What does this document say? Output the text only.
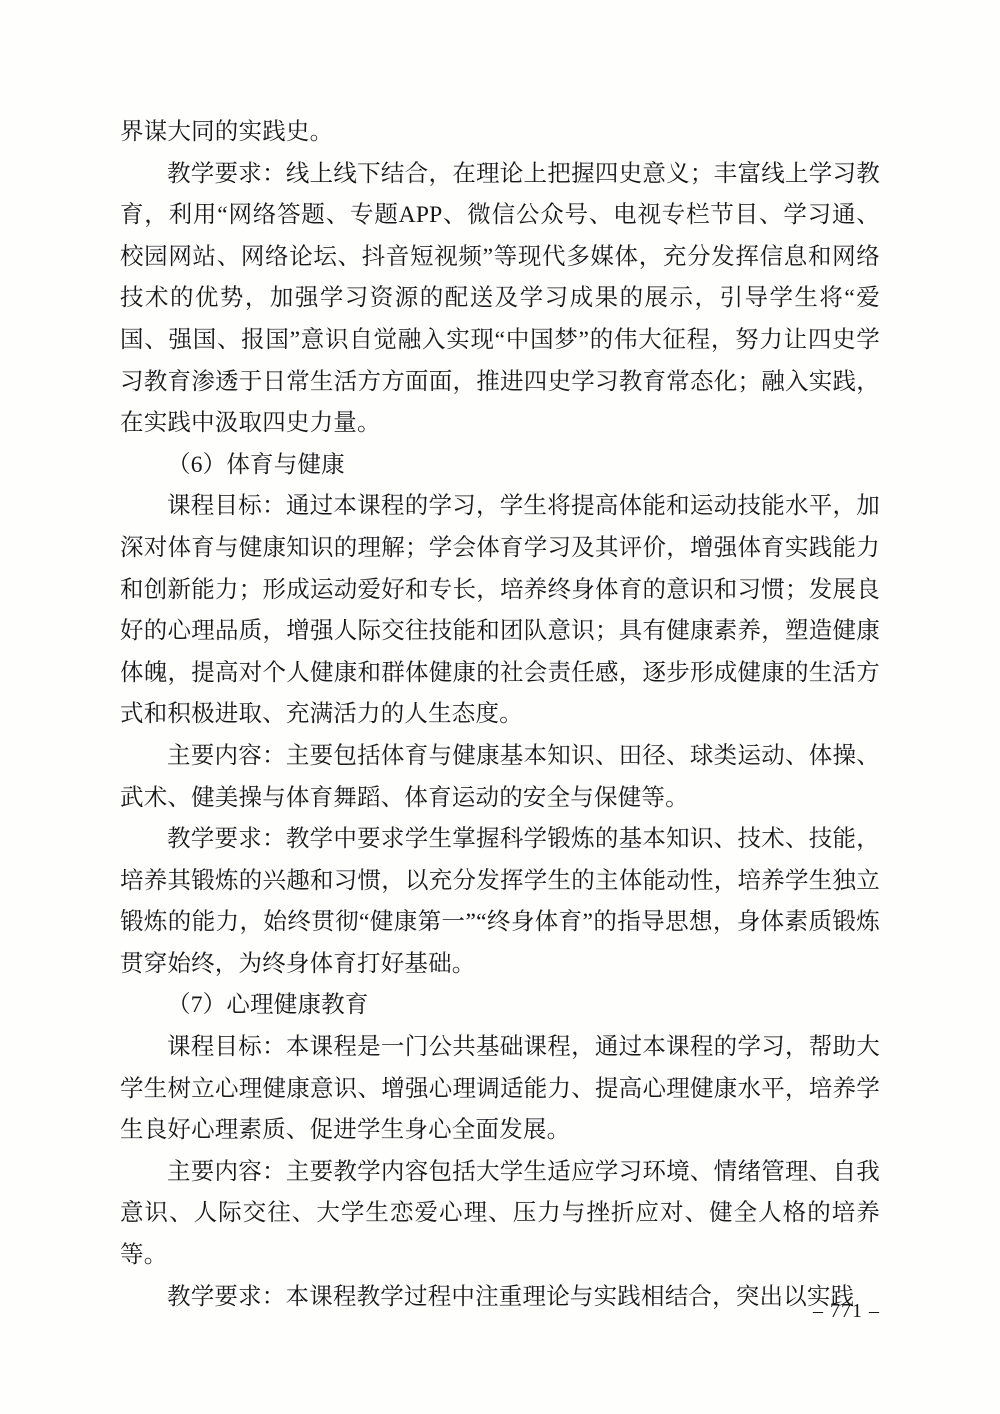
界谋大同的实践史。

教学要求：线上线下结合，在理论上把握四史意义；丰富线上学习教育，利用“网络答题、专题APP、微信公众号、电视专栏节目、学习通、校园网站、网络论坛、抖音短视频”等现代多媒体，充分发挥信息和网络技术的优势，加强学习资源的配送及学习成果的展示，引导学生将“爱国、强国、报国”意识自觉融入实现“中国梦”的伟大征程，努力让四史学习教育渗透于日常生活方方面面，推进四史学习教育常态化；融入实践，在实践中汲取四史力量。

（6）体育与健康

课程目标：通过本课程的学习，学生将提高体能和运动技能水平，加深对体育与健康知识的理解；学会体育学习及其评价，增强体育实践能力和创新能力；形成运动爱好和专长，培养终身体育的意识和习惯；发展良好的心理品质，增强人际交往技能和团队意识；具有健康素养，塑造健康体魄，提高对个人健康和群体健康的社会责任感，逐步形成健康的生活方式和积极进取、充满活力的人生态度。

主要内容：主要包括体育与健康基本知识、田径、球类运动、体操、武术、健美操与体育舞蹈、体育运动的安全与保健等。

教学要求：教学中要求学生掌握科学锻炼的基本知识、技术、技能，培养其锻炼的兴趣和习惯，以充分发挥学生的主体能动性，培养学生独立锻炼的能力，始终贯彻“健康第一”“终身体育”的指导思想，身体素质锻炼贯穿始终，为终身体育打好基础。

（7）心理健康教育

课程目标：本课程是一门公共基础课程，通过本课程的学习，帮助大学生树立心理健康意识、增强心理调适能力、提高心理健康水平，培养学生良好心理素质、促进学生身心全面发展。

主要内容：主要教学内容包括大学生适应学习环境、情绪管理、自我意识、人际交往、大学生恋爱心理、压力与挫折应对、健全人格的培养等。

教学要求：本课程教学过程中注重理论与实践相结合，突出以实践

– 771 –
